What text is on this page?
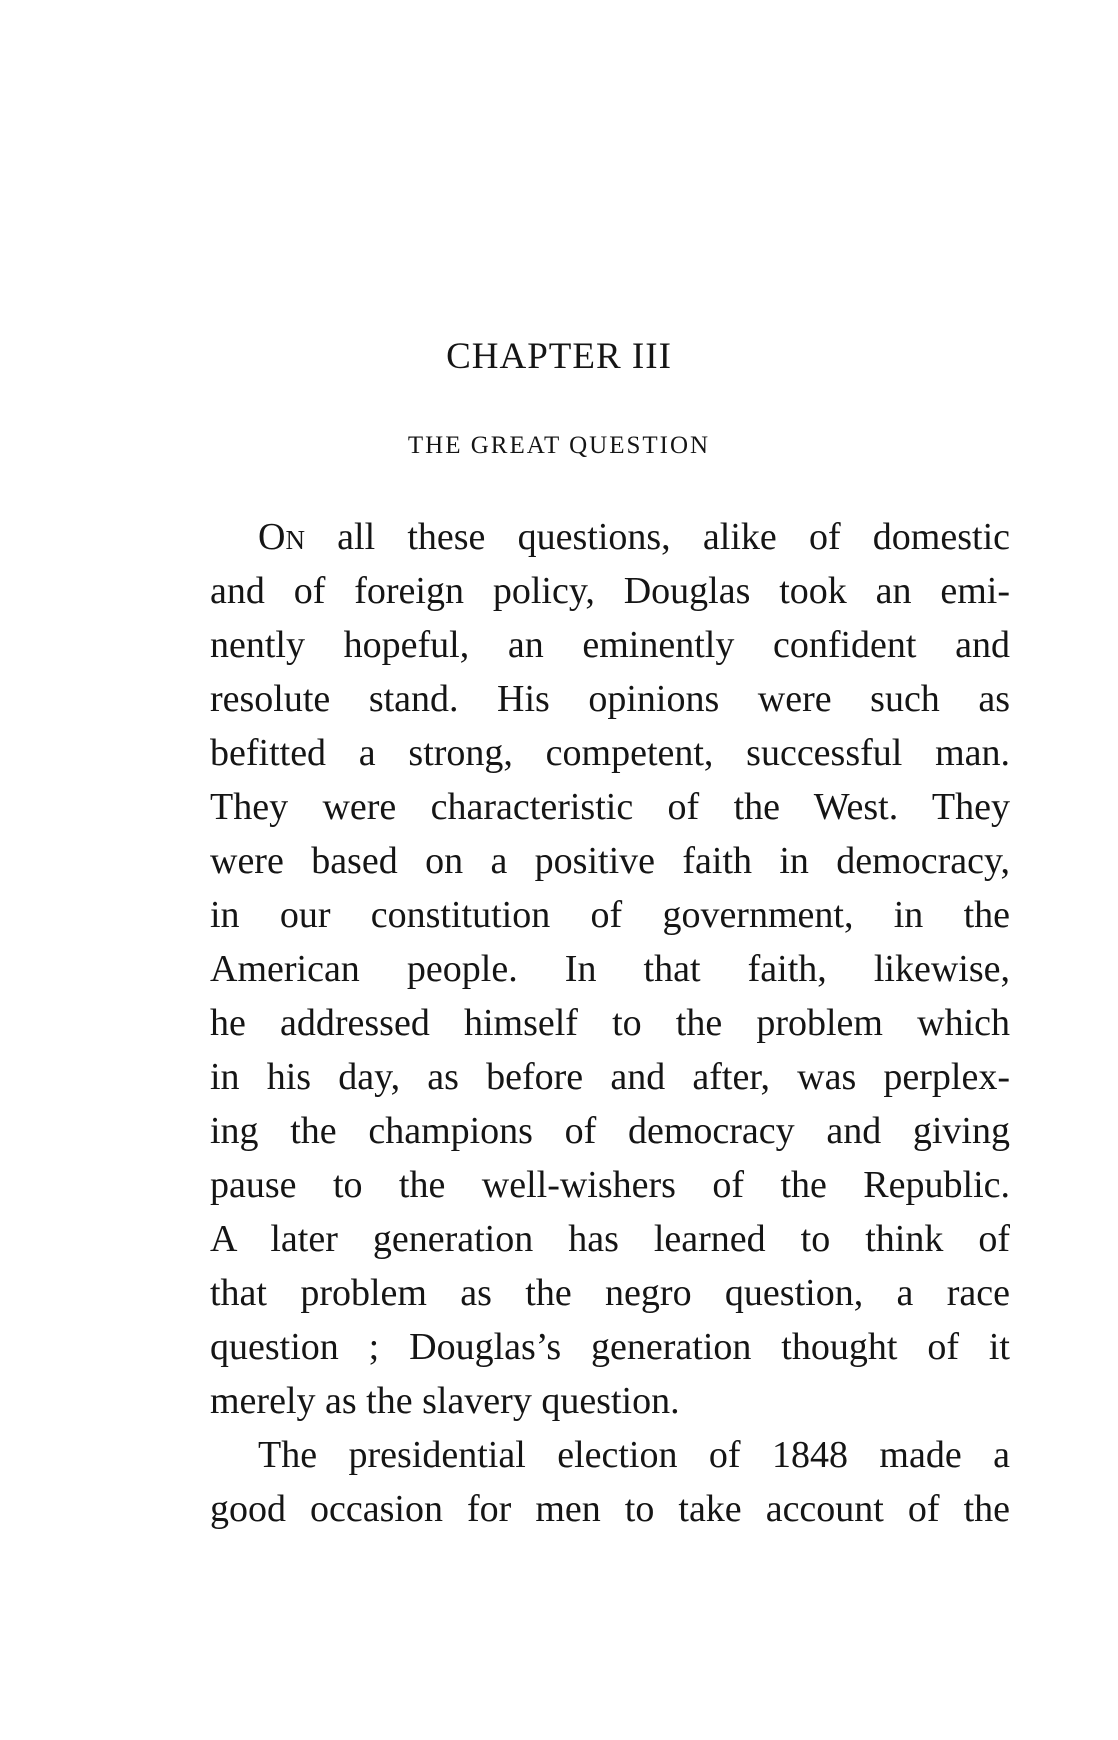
CHAPTER III
THE GREAT QUESTION
On all these questions, alike of domestic
and of foreign policy, Douglas took an emi-
nently hopeful, an eminently confident and
resolute stand. His opinions were such as
befitted a strong, competent, successful man.
They were characteristic of the West. They
were based on a positive faith in democracy,
in our constitution of government, in the
American people. In that faith, likewise,
he addressed himself to the problem which
in his day, as before and after, was perplex-
ing the champions of democracy and giving
pause to the well-wishers of the Republic.
A later generation has learned to think of
that problem as the negro question, a race
question ; Douglas’s generation thought of it
merely as the slavery question.
The presidential election of 1848 made a
good occasion for men to take account of the
